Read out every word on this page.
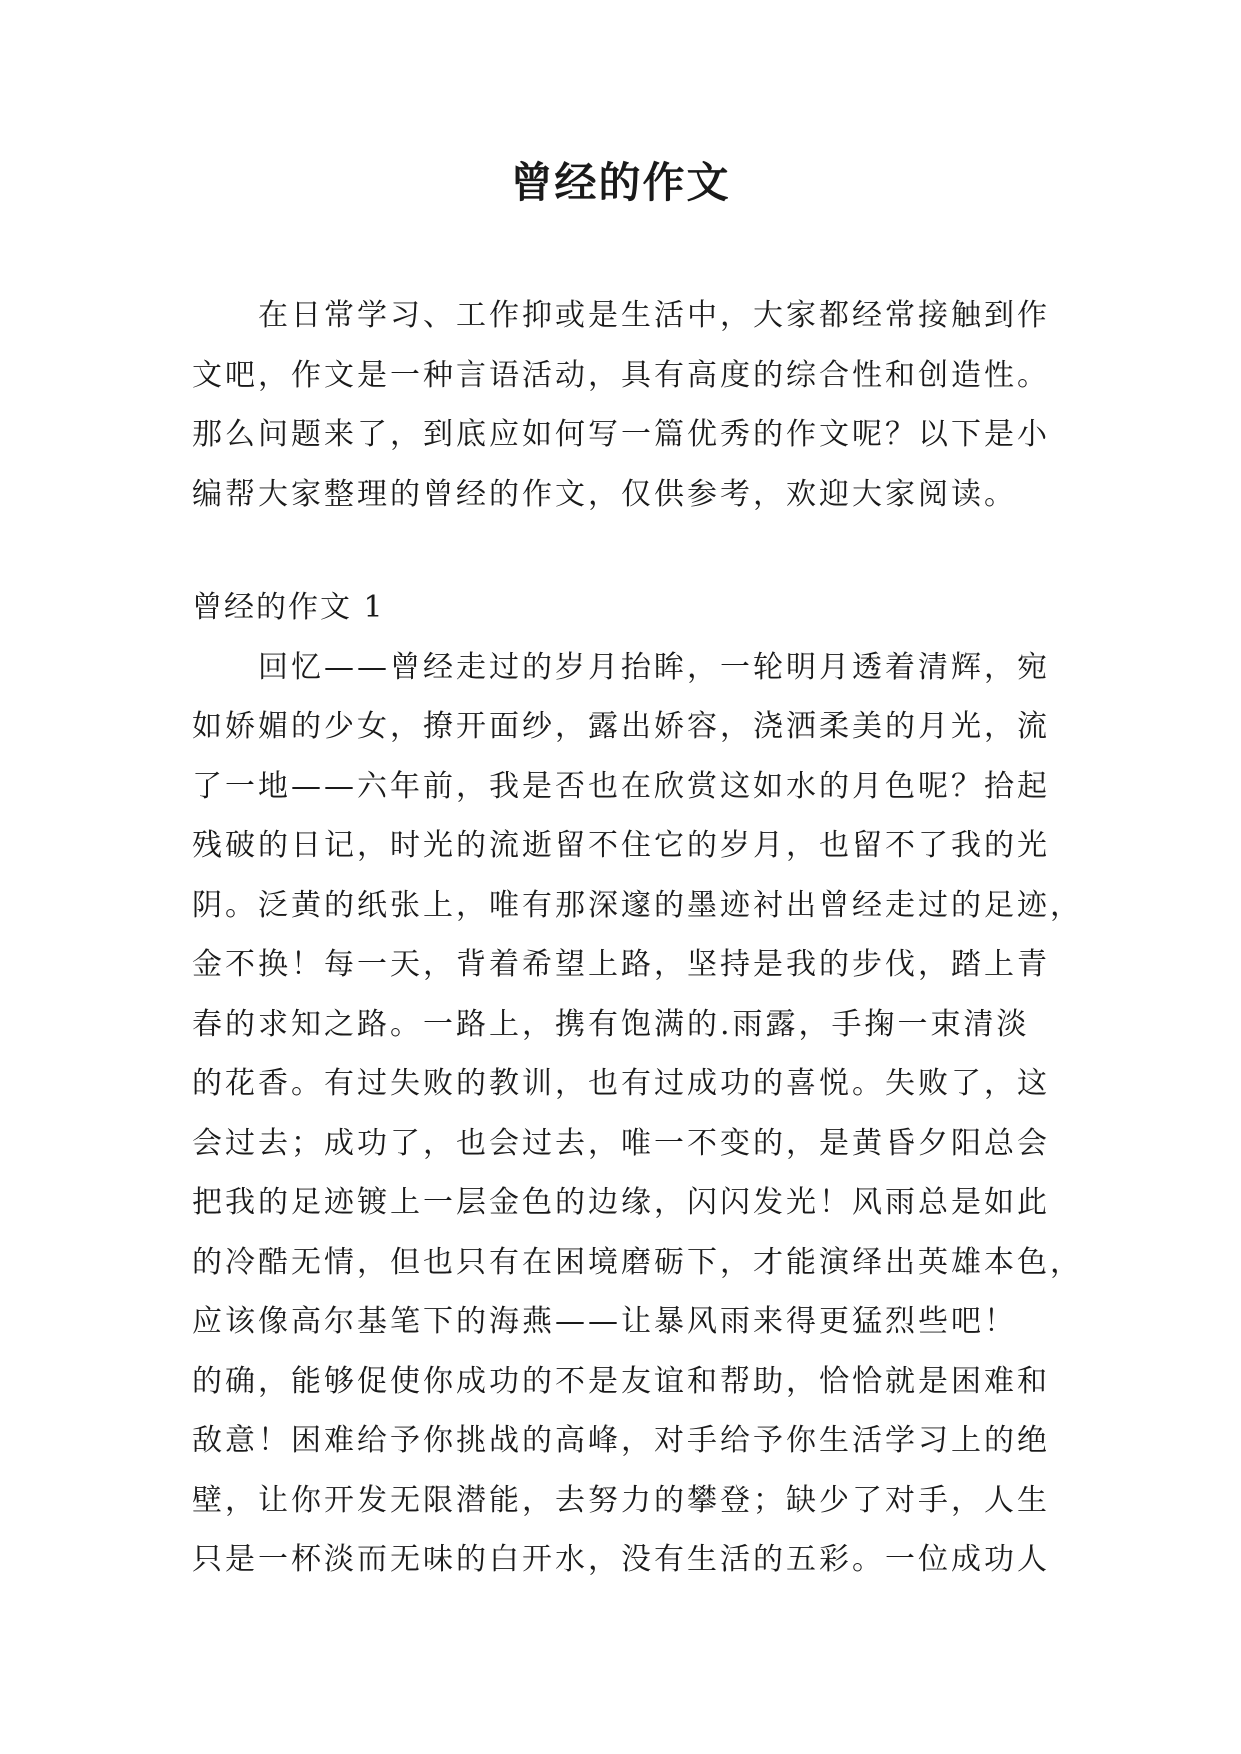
曾经的作文
　　在日常学习、工作抑或是生活中，大家都经常接触到作
文吧，作文是一种言语活动，具有高度的综合性和创造性。
那么问题来了，到底应如何写一篇优秀的作文呢？以下是小
编帮大家整理的曾经的作文，仅供参考，欢迎大家阅读。
曾经的作文 1
　　回忆——曾经走过的岁月抬眸，一轮明月透着清辉，宛
如娇媚的少女，撩开面纱，露出娇容，浇洒柔美的月光，流
了一地——六年前，我是否也在欣赏这如水的月色呢？拾起
残破的日记，时光的流逝留不住它的岁月，也留不了我的光
阴。泛黄的纸张上，唯有那深邃的墨迹衬出曾经走过的足迹，
金不换！每一天，背着希望上路，坚持是我的步伐，踏上青
春的求知之路。一路上，携有饱满的.雨露，手掬一束清淡
的花香。有过失败的教训，也有过成功的喜悦。失败了，这
会过去；成功了，也会过去，唯一不变的，是黄昏夕阳总会
把我的足迹镀上一层金色的边缘，闪闪发光！风雨总是如此
的冷酷无情，但也只有在困境磨砺下，才能演绎出英雄本色，
应该像高尔基笔下的海燕——让暴风雨来得更猛烈些吧！
的确，能够促使你成功的不是友谊和帮助，恰恰就是困难和
敌意！困难给予你挑战的高峰，对手给予你生活学习上的绝
壁，让你开发无限潜能，去努力的攀登；缺少了对手，人生
只是一杯淡而无味的白开水，没有生活的五彩。一位成功人
